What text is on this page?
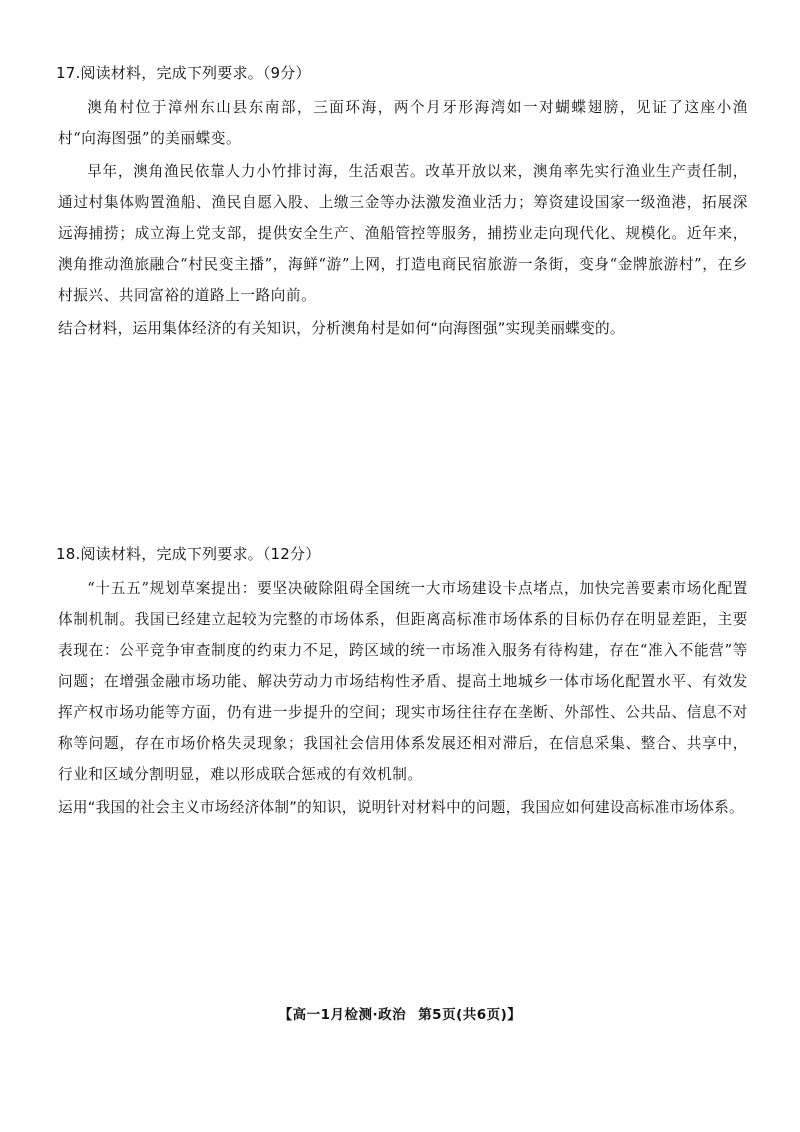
17.阅读材料，完成下列要求。（9分）

澳角村位于漳州东山县东南部，三面环海，两个月牙形海湾如一对蝴蝶翅膀，见证了这座小渔村“向海图强”的美丽蝶变。

早年，澳角渔民依靠人力小竹排讨海，生活艰苦。改革开放以来，澳角率先实行渔业生产责任制，通过村集体购置渔船、渔民自愿入股、上缴三金等办法激发渔业活力；筹资建设国家一级渔港，拓展深远海捕捞；成立海上党支部，提供安全生产、渔船管控等服务，捕捞业走向现代化、规模化。近年来，澳角推动渔旅融合“村民变主播”，海鲜“游”上网，打造电商民宿旅游一条街，变身“金牌旅游村”，在乡村振兴、共同富裕的道路上一路向前。

结合材料，运用集体经济的有关知识，分析澳角村是如何“向海图强”实现美丽蝶变的。

18.阅读材料，完成下列要求。（12分）

“十五五”规划草案提出：要坚决破除阻碍全国统一大市场建设卡点堵点，加快完善要素市场化配置体制机制。我国已经建立起较为完整的市场体系，但距离高标准市场体系的目标仍存在明显差距，主要表现在：公平竞争审查制度的约束力不足，跨区域的统一市场准入服务有待构建，存在“准入不能营”等问题；在增强金融市场功能、解决劳动力市场结构性矛盾、提高土地城乡一体市场化配置水平、有效发挥产权市场功能等方面，仍有进一步提升的空间；现实市场往往存在垄断、外部性、公共品、信息不对称等问题，存在市场价格失灵现象；我国社会信用体系发展还相对滞后，在信息采集、整合、共享中，行业和区域分割明显，难以形成联合惩戒的有效机制。

运用“我国的社会主义市场经济体制”的知识，说明针对材料中的问题，我国应如何建设高标准市场体系。

【高一1月检测·政治 第5页(共6页)】
